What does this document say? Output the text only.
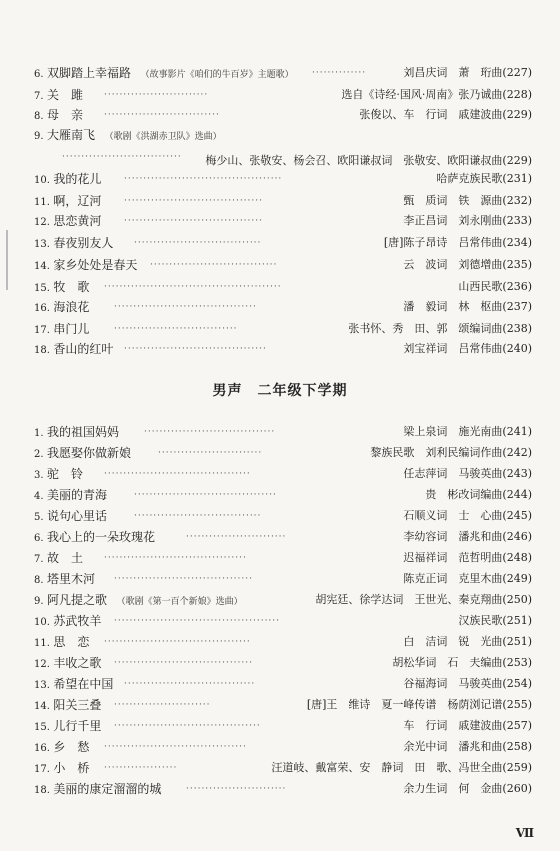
6. 双脚踏上幸福路 （故事影片《咱们的牛百岁》主题歌） ··············	刘昌庆词　萧　珩曲(227)
7. 关　雎 ···························	选自《诗经·国风·周南》张乃诚曲(228)
8. 母　亲 ······························	张俊以、车　行词　戚建波曲(229)
9. 大雁南飞 （歌剧《洪湖赤卫队》选曲）
·······························	梅少山、张敬安、杨会召、欧阳谦叔词　张敬安、欧阳谦叔曲(229)
10. 我的花儿	·········································	哈萨克族民歌(231)
11. 啊，辽河	····································	甄　质词　铁　源曲(232)
12. 思恋黄河	····································	李正昌词　刘永刚曲(233)
13. 春夜别友人 ·································	[唐]陈子昂诗　吕常伟曲(234)
14. 家乡处处是春天 ·································	云　波词　刘德增曲(235)
15. 牧　歌 ··············································	山西民歌(236)
16. 海浪花	·····································	潘　毅词　林　枢曲(237)
17. 串门儿	································	张书怀、秀　田、郭　颂编词曲(238)
18. 香山的红叶 ·····································	刘宝祥词　吕常伟曲(240)
男声　二年级下学期
1. 我的祖国妈妈	··································	梁上泉词　施光南曲(241)
2. 我愿娶你做新娘	···························	黎族民歌　刘利民编词作曲(242)
3. 驼　铃 ······································	任志萍词　马骏英曲(243)
4. 美丽的青海	·····································	贵　彬改词编曲(244)
5. 说句心里话	·································	石顺义词　士　心曲(245)
6. 我心上的一朵玫瑰花	··························	李幼容词　潘兆和曲(246)
7. 故　土 ·····································	迟福祥词　范哲明曲(248)
8. 塔里木河 ····································	陈克正词　克里木曲(249)
9. 阿凡提之歌 （歌剧《第一百个新娘》选曲）	胡宪廷、徐学达词　王世光、秦克翔曲(250)
10. 苏武牧羊 ···········································	汉族民歌(251)
11. 思　恋 ······································	白　洁词　锐　光曲(251)
12. 丰收之歌 ····································	胡松华词　石　夫编曲(253)
13. 希望在中国 ··································	谷福海词　马骏英曲(254)
14. 阳关三叠 ·························	[唐]王　维诗　夏一峰传谱　杨荫浏记谱(255)
15. 儿行千里 ······································	车　行词　戚建波曲(257)
16. 乡　愁 ·····································	余光中词　潘兆和曲(258)
17. 小　桥 ···················	汪道岐、戴富荣、安　静词　田　歌、冯世全曲(259)
18. 美丽的康定溜溜的城	··························	余力生词　何　金曲(260)
Ⅶ
